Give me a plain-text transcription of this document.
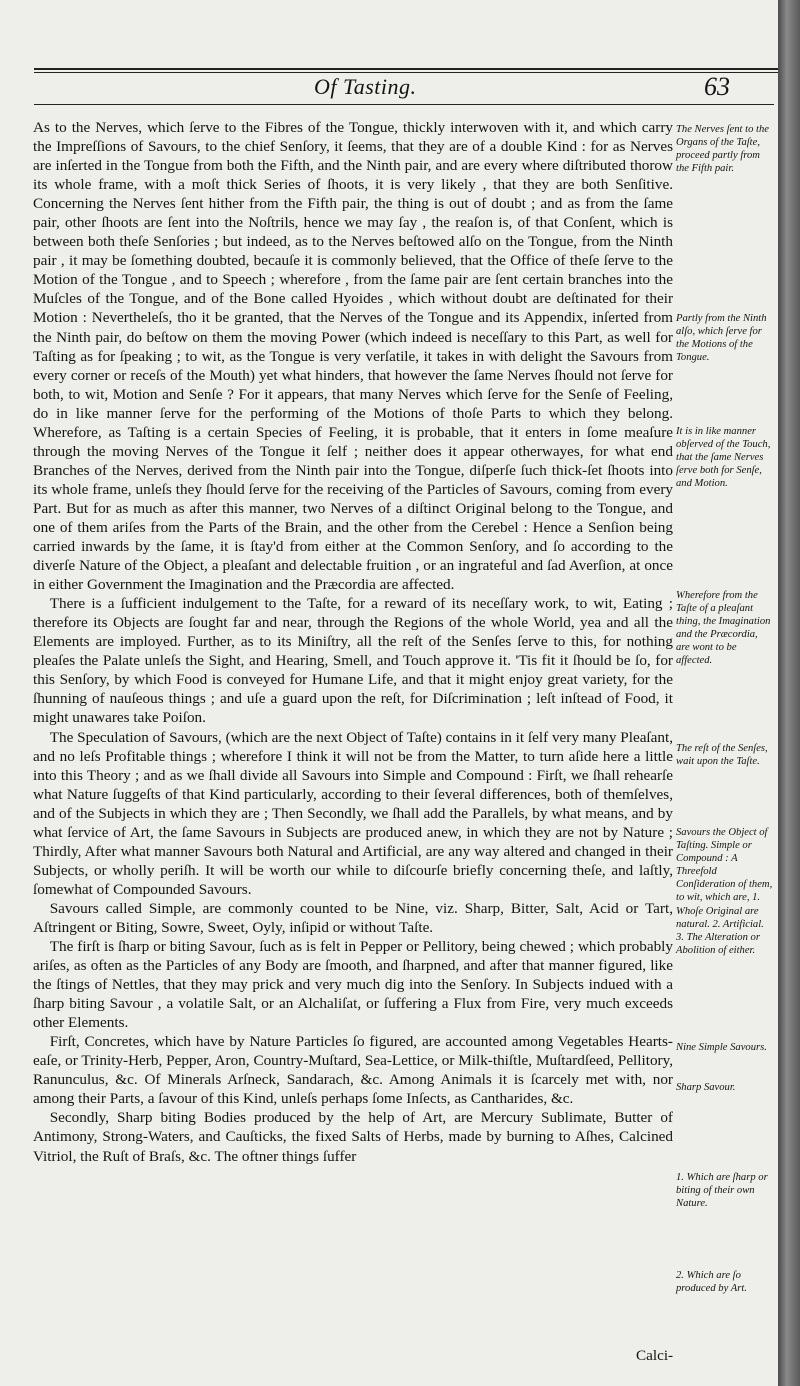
Of Tasting.	63

As to the Nerves, which ſerve to the Fibres of the Tongue, thickly interwoven with it, and which carry the Impreſſions of Savours, to the chief Senſory, it ſeems, that they are of a double Kind : for as Nerves are inſerted in the Tongue from both the Fifth, and the Ninth pair, and are every where diſtributed thorow its whole frame, with a moſt thick Series of ſhoots, it is very likely , that they are both Senſitive. Concerning the Nerves ſent hither from the Fifth pair, the thing is out of doubt ; and as from the ſame pair, other ſhoots are ſent into the Noſtrils, hence we may ſay , the reaſon is, of that Conſent, which is between both theſe Senſories ; but indeed, as to the Nerves beſtowed alſo on the Tongue, from the Ninth pair , it may be ſomething doubted, becauſe it is commonly believed, that the Office of theſe ſerve to the Motion of the Tongue , and to Speech ; wherefore , from the ſame pair are ſent certain branches into the Muſcles of the Tongue, and of the Bone called Hyoides , which without doubt are deſtinated for their Motion : Nevertheleſs, tho it be granted, that the Nerves of the Tongue and its Appendix, inſerted from the Ninth pair, do beſtow on them the moving Power (which indeed is neceſſary to this Part, as well for Taſting as for ſpeaking ; to wit, as the Tongue is very verſatile, it takes in with delight the Savours from every corner or receſs of the Mouth) yet what hinders, that however the ſame Nerves ſhould not ſerve for both, to wit, Motion and Senſe ? For it appears, that many Nerves which ſerve for the Senſe of Feeling, do in like manner ſerve for the performing of the Motions of thoſe Parts to which they belong. Wherefore, as Taſting is a certain Species of Feeling, it is probable, that it enters in ſome meaſure through the moving Nerves of the Tongue it ſelf ; neither does it appear otherwayes, for what end Branches of the Nerves, derived from the Ninth pair into the Tongue, diſperſe ſuch thick-ſet ſhoots into its whole frame, unleſs they ſhould ſerve for the receiving of the Particles of Savours, coming from every Part. But for as much as after this manner, two Nerves of a diſtinct Original belong to the Tongue, and one of them ariſes from the Parts of the Brain, and the other from the Cerebel : Hence a Senſion being carried inwards by the ſame, it is ſtay'd from either at the Common Senſory, and ſo according to the diverſe Nature of the Object, a pleaſant and delectable fruition , or an ingrateful and ſad Averſion, at once in either Government the Imagination and the Præcordia are affected.

There is a ſufficient indulgement to the Taſte, for a reward of its neceſſary work, to wit, Eating ; therefore its Objects are ſought far and near, through the Regions of the whole World, yea and all the Elements are imployed. Further, as to its Miniſtry, all the reſt of the Senſes ſerve to this, for nothing pleaſes the Palate unleſs the Sight, and Hearing, Smell, and Touch approve it. 'Tis fit it ſhould be ſo, for this Senſory, by which Food is conveyed for Humane Life, and that it might enjoy great variety, for the ſhunning of nauſeous things ; and uſe a guard upon the reſt, for Diſcrimination ; leſt inſtead of Food, it might unawares take Poiſon.

The Speculation of Savours, (which are the next Object of Taſte) contains in it ſelf very many Pleaſant, and no leſs Profitable things ; wherefore I think it will not be from the Matter, to turn aſide here a little into this Theory ; and as we ſhall divide all Savours into Simple and Compound : Firſt, we ſhall rehearſe what Nature ſuggeſts of that Kind particularly, according to their ſeveral differences, both of themſelves, and of the Subjects in which they are ; Then Secondly, we ſhall add the Parallels, by what means, and by what ſervice of Art, the ſame Savours in Subjects are produced anew, in which they are not by Nature ; Thirdly, After what manner Savours both Natural and Artificial, are any way altered and changed in their Subjects, or wholly periſh. It will be worth our while to diſcourſe briefly concerning theſe, and laſtly, ſomewhat of Compounded Savours.

Savours called Simple, are commonly counted to be Nine, viz. Sharp, Bitter, Salt, Acid or Tart, Aſtringent or Biting, Sowre, Sweet, Oyly, inſipid or without Taſte.

The firſt is ſharp or biting Savour, ſuch as is felt in Pepper or Pellitory, being chewed ; which probably ariſes, as often as the Particles of any Body are ſmooth, and ſharpned, and after that manner figured, like the ſtings of Nettles, that they may prick and very much dig into the Senſory. In Subjects indued with a ſharp biting Savour , a volatile Salt, or an Alchaliſat, or ſuffering a Flux from Fire, very much exceeds other Elements.

Firſt, Concretes, which have by Nature Particles ſo figured, are accounted among Vegetables Hearts-eaſe, or Trinity-Herb, Pepper, Aron, Country-Muſtard, Sea-Lettice, or Milk-thiſtle, Muſtardſeed, Pellitory, Ranunculus, &c. Of Minerals Arſneck, Sandarach, &c. Among Animals it is ſcarcely met with, nor among their Parts, a ſavour of this Kind, unleſs perhaps ſome Inſects, as Cantharides, &c.

Secondly, Sharp biting Bodies produced by the help of Art, are Mercury Sublimate, Butter of Antimony, Strong-Waters, and Cauſticks, the fixed Salts of Herbs, made by burning to Aſhes, Calcined Vitriol, the Ruſt of Braſs, &c. The oftner things ſuffer

Calci-
The Nerves ſent to the Organs of the Taſte, proceed partly from the Fifth pair.
Partly from the Ninth alſo, which ſerve for the Motions of the Tongue.
It is in like manner obſerved of the Touch, that the ſame Nerves ſerve both for Senſe, and Motion.
Wherefore from the Taſte of a pleaſant thing, the Imagination and the Præcordia, are wont to be affected.
The reſt of the Senſes, wait upon the Taſte.
Savours the Object of Taſting. Simple or Compound : A Threefold Conſideration of them, to wit, which are, 1. Whoſe Original are natural. 2. Artificial. 3. The Alteration or Abolition of either.
Nine Simple Savours.
Sharp Savour.
1. Which are ſharp or biting of their own Nature.
2. Which are ſo produced by Art.
